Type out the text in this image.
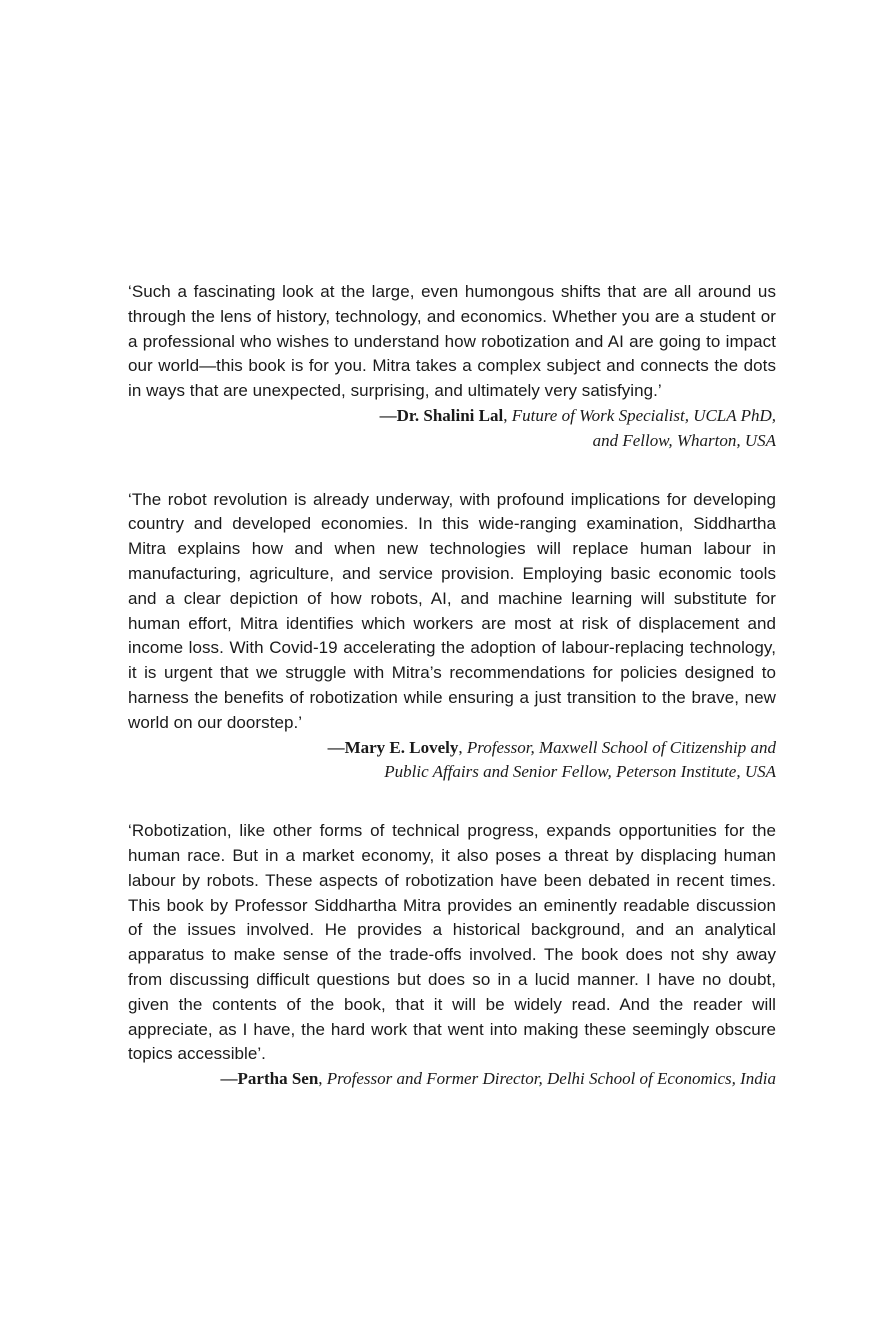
‘Such a fascinating look at the large, even humongous shifts that are all around us through the lens of history, technology, and economics. Whether you are a student or a professional who wishes to understand how robotization and AI are going to impact our world—this book is for you. Mitra takes a complex subject and connects the dots in ways that are unexpected, surprising, and ultimately very satisfying.’

—Dr. Shalini Lal, Future of Work Specialist, UCLA PhD,
and Fellow, Wharton, USA

‘The robot revolution is already underway, with profound implications for developing country and developed economies. In this wide-ranging examination, Siddhartha Mitra explains how and when new technologies will replace human labour in manufacturing, agriculture, and service provision. Employing basic economic tools and a clear depiction of how robots, AI, and machine learning will substitute for human effort, Mitra identifies which workers are most at risk of displacement and income loss. With Covid-19 accelerating the adoption of labour-replacing technology, it is urgent that we struggle with Mitra’s recommendations for policies designed to harness the benefits of robotization while ensuring a just transition to the brave, new world on our doorstep.’

—Mary E. Lovely, Professor, Maxwell School of Citizenship and
Public Affairs and Senior Fellow, Peterson Institute, USA

‘Robotization, like other forms of technical progress, expands opportunities for the human race. But in a market economy, it also poses a threat by displacing human labour by robots. These aspects of robotization have been debated in recent times. This book by Professor Siddhartha Mitra provides an eminently readable discussion of the issues involved. He provides a historical background, and an analytical apparatus to make sense of the trade-offs involved. The book does not shy away from discussing difficult questions but does so in a lucid manner. I have no doubt, given the contents of the book, that it will be widely read. And the reader will appreciate, as I have, the hard work that went into making these seemingly obscure topics accessible’.

—Partha Sen, Professor and Former Director, Delhi School of Economics, India
